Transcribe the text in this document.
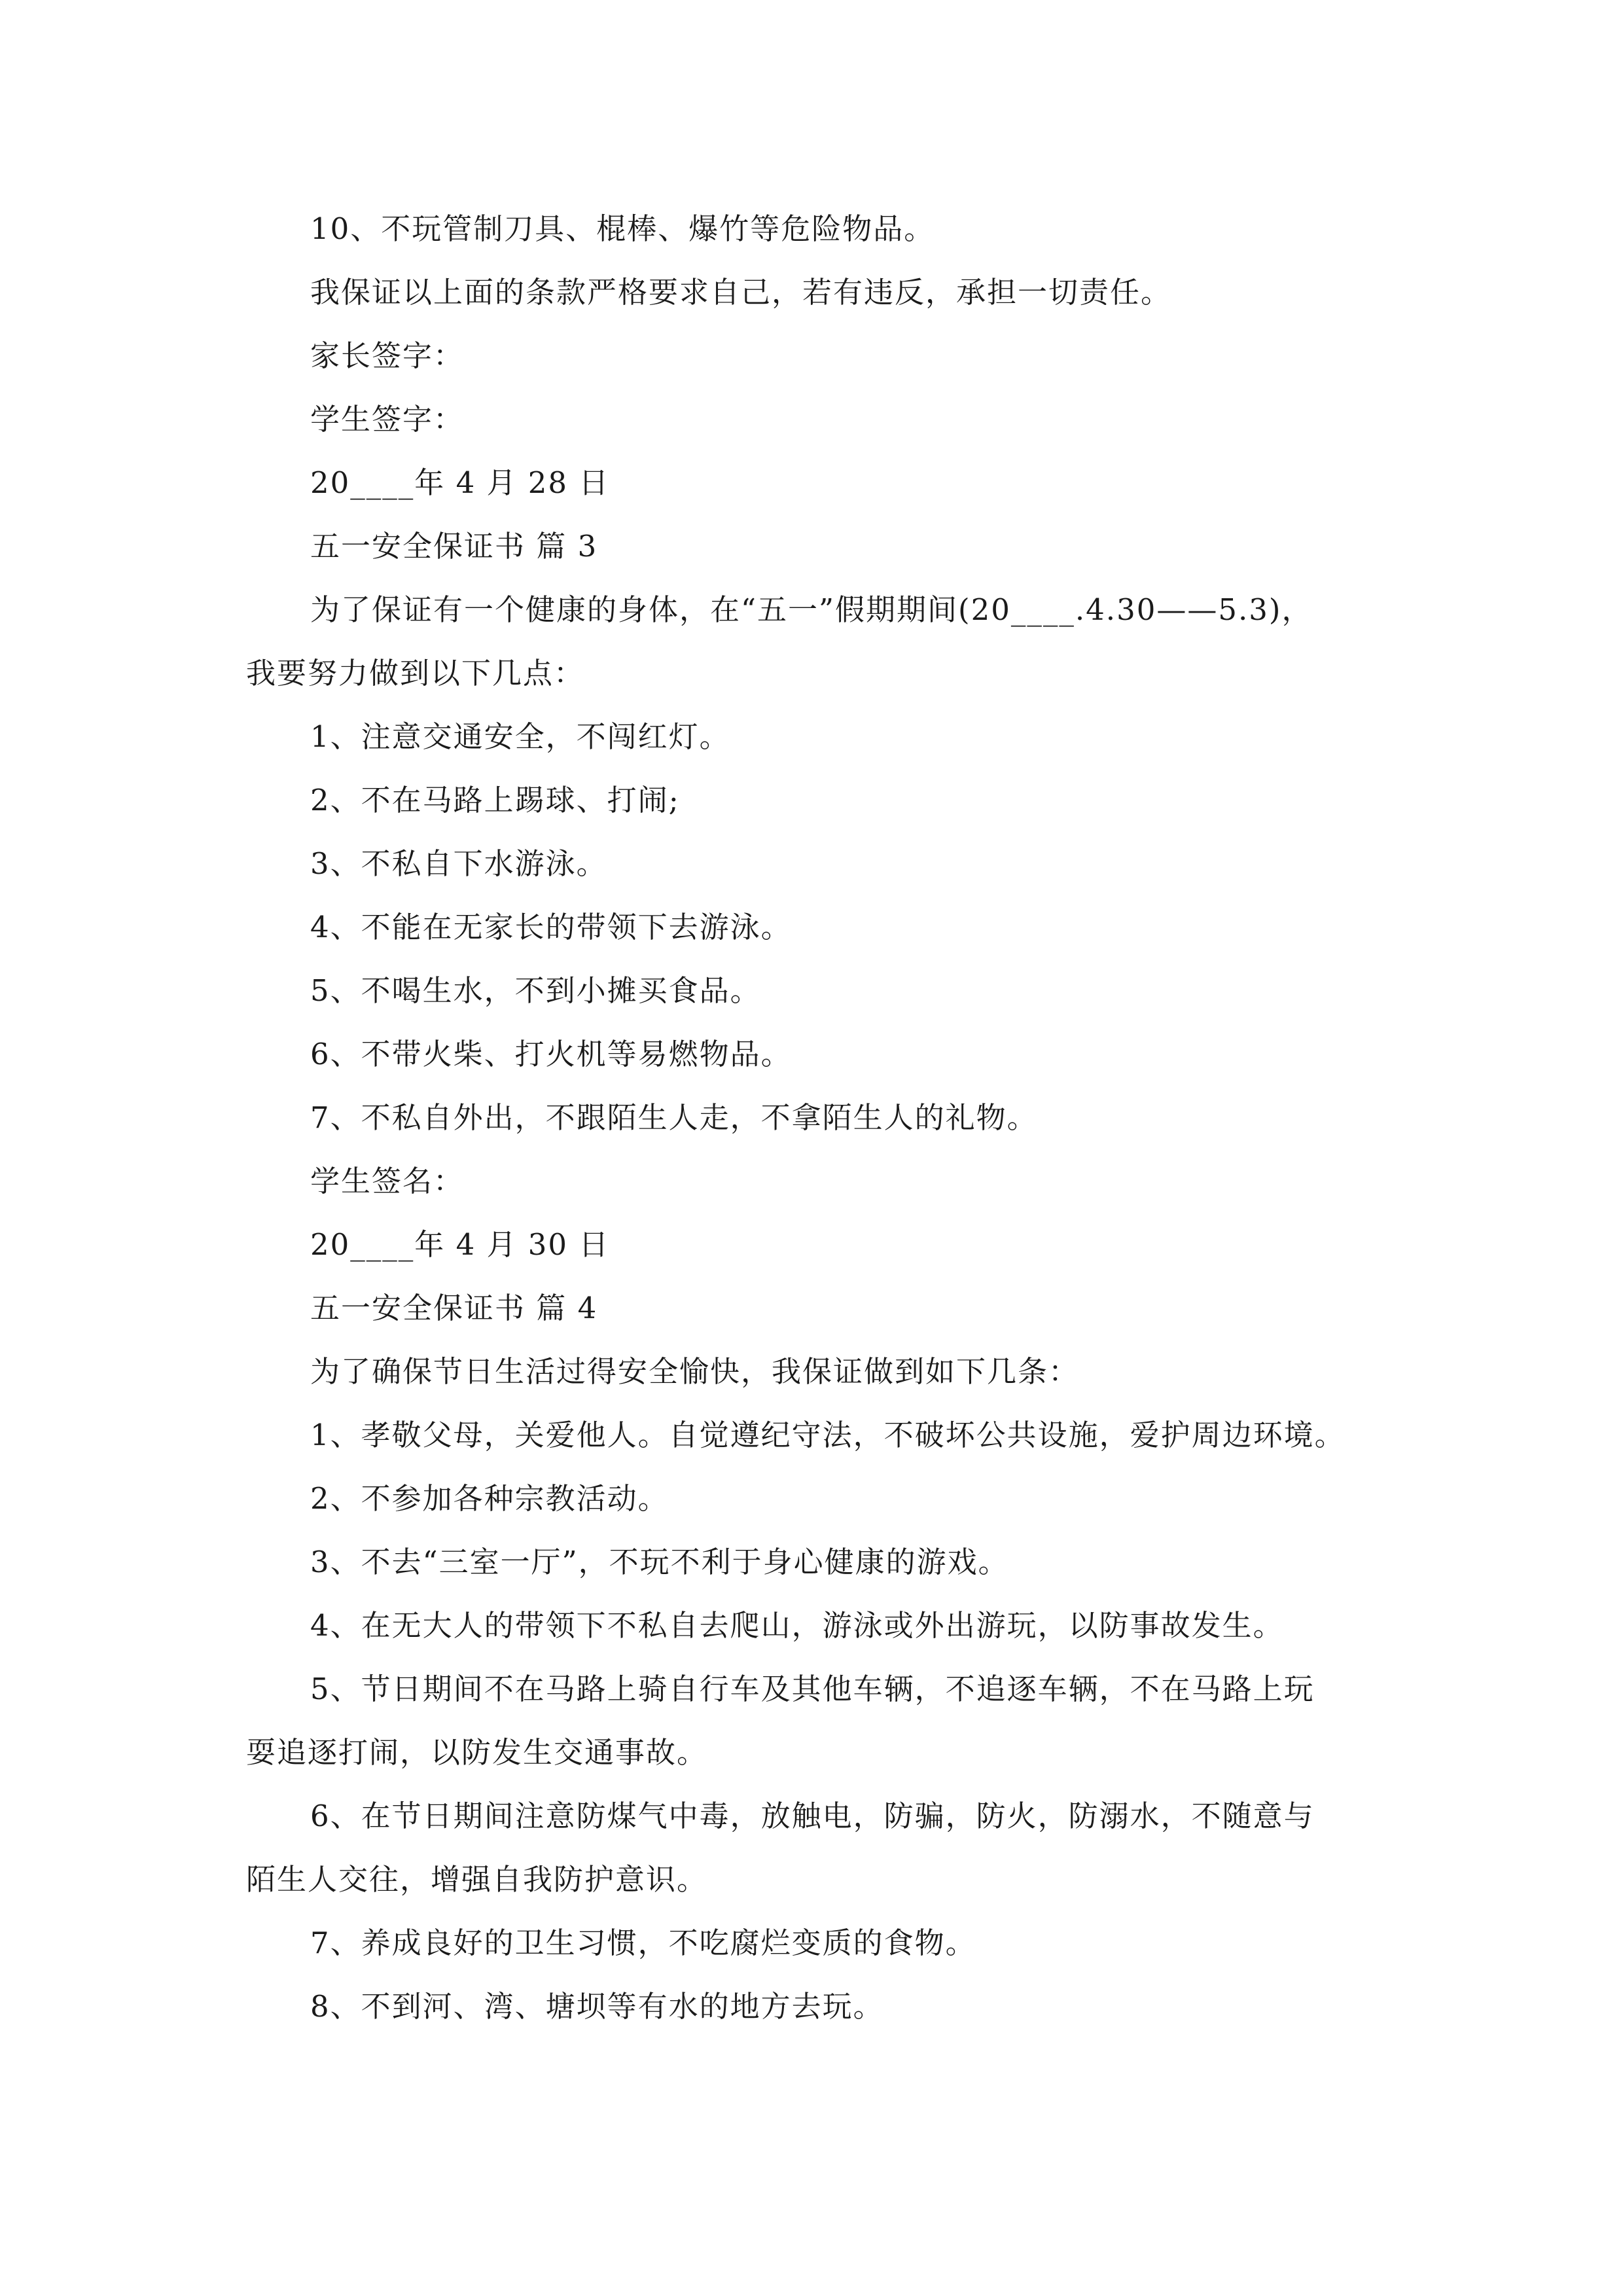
10、不玩管制刀具、棍棒、爆竹等危险物品。
我保证以上面的条款严格要求自己，若有违反，承担一切责任。
家长签字：
学生签字：
20____年 4 月 28 日
五一安全保证书 篇 3
为了保证有一个健康的身体，在“五一”假期期间(20____.4.30——5.3)，
我要努力做到以下几点：
1、注意交通安全，不闯红灯。
2、不在马路上踢球、打闹;
3、不私自下水游泳。
4、不能在无家长的带领下去游泳。
5、不喝生水，不到小摊买食品。
6、不带火柴、打火机等易燃物品。
7、不私自外出，不跟陌生人走，不拿陌生人的礼物。
学生签名：
20____年 4 月 30 日
五一安全保证书 篇 4
为了确保节日生活过得安全愉快，我保证做到如下几条：
1、孝敬父母，关爱他人。自觉遵纪守法，不破坏公共设施，爱护周边环境。
2、不参加各种宗教活动。
3、不去“三室一厅”，不玩不利于身心健康的游戏。
4、在无大人的带领下不私自去爬山，游泳或外出游玩，以防事故发生。
5、节日期间不在马路上骑自行车及其他车辆，不追逐车辆，不在马路上玩
耍追逐打闹，以防发生交通事故。
6、在节日期间注意防煤气中毒，放触电，防骗，防火，防溺水，不随意与
陌生人交往，增强自我防护意识。
7、养成良好的卫生习惯，不吃腐烂变质的食物。
8、不到河、湾、塘坝等有水的地方去玩。
